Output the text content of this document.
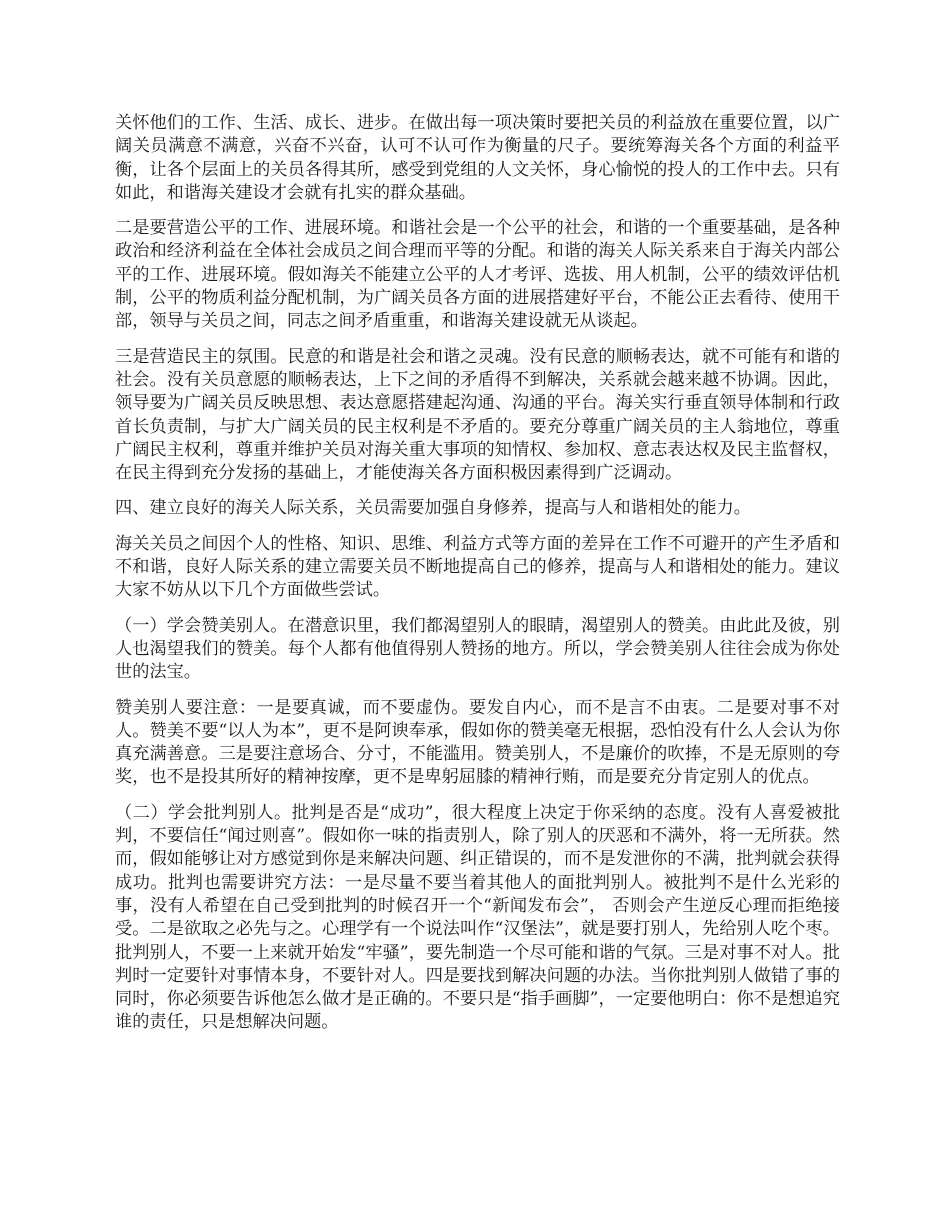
关怀他们的工作、生活、成长、进步。在做出每一项决策时要把关员的利益放在重要位置，以广阔关员满意不满意，兴奋不兴奋，认可不认可作为衡量的尺子。要统筹海关各个方面的利益平衡，让各个层面上的关员各得其所，感受到党组的人文关怀，身心愉悦的投人的工作中去。只有如此，和谐海关建设才会就有扎实的群众基础。

二是要营造公平的工作、进展环境。和谐社会是一个公平的社会，和谐的一个重要基础，是各种政治和经济利益在全体社会成员之间合理而平等的分配。和谐的海关人际关系来自于海关内部公平的工作、进展环境。假如海关不能建立公平的人才考评、选拔、用人机制，公平的绩效评估机制，公平的物质利益分配机制，为广阔关员各方面的进展搭建好平台，不能公正去看待、使用干部，领导与关员之间，同志之间矛盾重重，和谐海关建设就无从谈起。

三是营造民主的氛围。民意的和谐是社会和谐之灵魂。没有民意的顺畅表达，就不可能有和谐的社会。没有关员意愿的顺畅表达，上下之间的矛盾得不到解决，关系就会越来越不协调。因此，领导要为广阔关员反映思想、表达意愿搭建起沟通、沟通的平台。海关实行垂直领导体制和行政首长负责制，与扩大广阔关员的民主权利是不矛盾的。要充分尊重广阔关员的主人翁地位，尊重广阔民主权利，尊重并维护关员对海关重大事项的知情权、参加权、意志表达权及民主监督权，在民主得到充分发扬的基础上，才能使海关各方面积极因素得到广泛调动。

四、建立良好的海关人际关系，关员需要加强自身修养，提高与人和谐相处的能力。

海关关员之间因个人的性格、知识、思维、利益方式等方面的差异在工作不可避开的产生矛盾和不和谐，良好人际关系的建立需要关员不断地提高自己的修养，提高与人和谐相处的能力。建议大家不妨从以下几个方面做些尝试。

（一）学会赞美别人。在潜意识里，我们都渴望别人的眼睛，渴望别人的赞美。由此此及彼，别人也渴望我们的赞美。每个人都有他值得别人赞扬的地方。所以，学会赞美别人往往会成为你处世的法宝。

赞美别人要注意：一是要真诚，而不要虚伪。要发自内心，而不是言不由衷。二是要对事不对人。赞美不要“以人为本”，更不是阿谀奉承，假如你的赞美毫无根据，恐怕没有什么人会认为你真充满善意。三是要注意场合、分寸，不能滥用。赞美别人，不是廉价的吹捧，不是无原则的夸奖，也不是投其所好的精神按摩，更不是卑躬屈膝的精神行贿，而是要充分肯定别人的优点。

（二）学会批判别人。批判是否是“成功”，很大程度上决定于你采纳的态度。没有人喜爱被批判，不要信任“闻过则喜”。假如你一味的指责别人，除了别人的厌恶和不满外，将一无所获。然而，假如能够让对方感觉到你是来解决问题、纠正错误的，而不是发泄你的不满，批判就会获得成功。批判也需要讲究方法：一是尽量不要当着其他人的面批判别人。被批判不是什么光彩的事，没有人希望在自己受到批判的时候召开一个“新闻发布会”， 否则会产生逆反心理而拒绝接受。二是欲取之必先与之。心理学有一个说法叫作“汉堡法”，就是要打别人，先给别人吃个枣。批判别人，不要一上来就开始发“牢骚”，要先制造一个尽可能和谐的气氛。三是对事不对人。批判时一定要针对事情本身，不要针对人。四是要找到解决问题的办法。当你批判别人做错了事的同时，你必须要告诉他怎么做才是正确的。不要只是“指手画脚”，一定要他明白：你不是想追究谁的责任，只是想解决问题。
